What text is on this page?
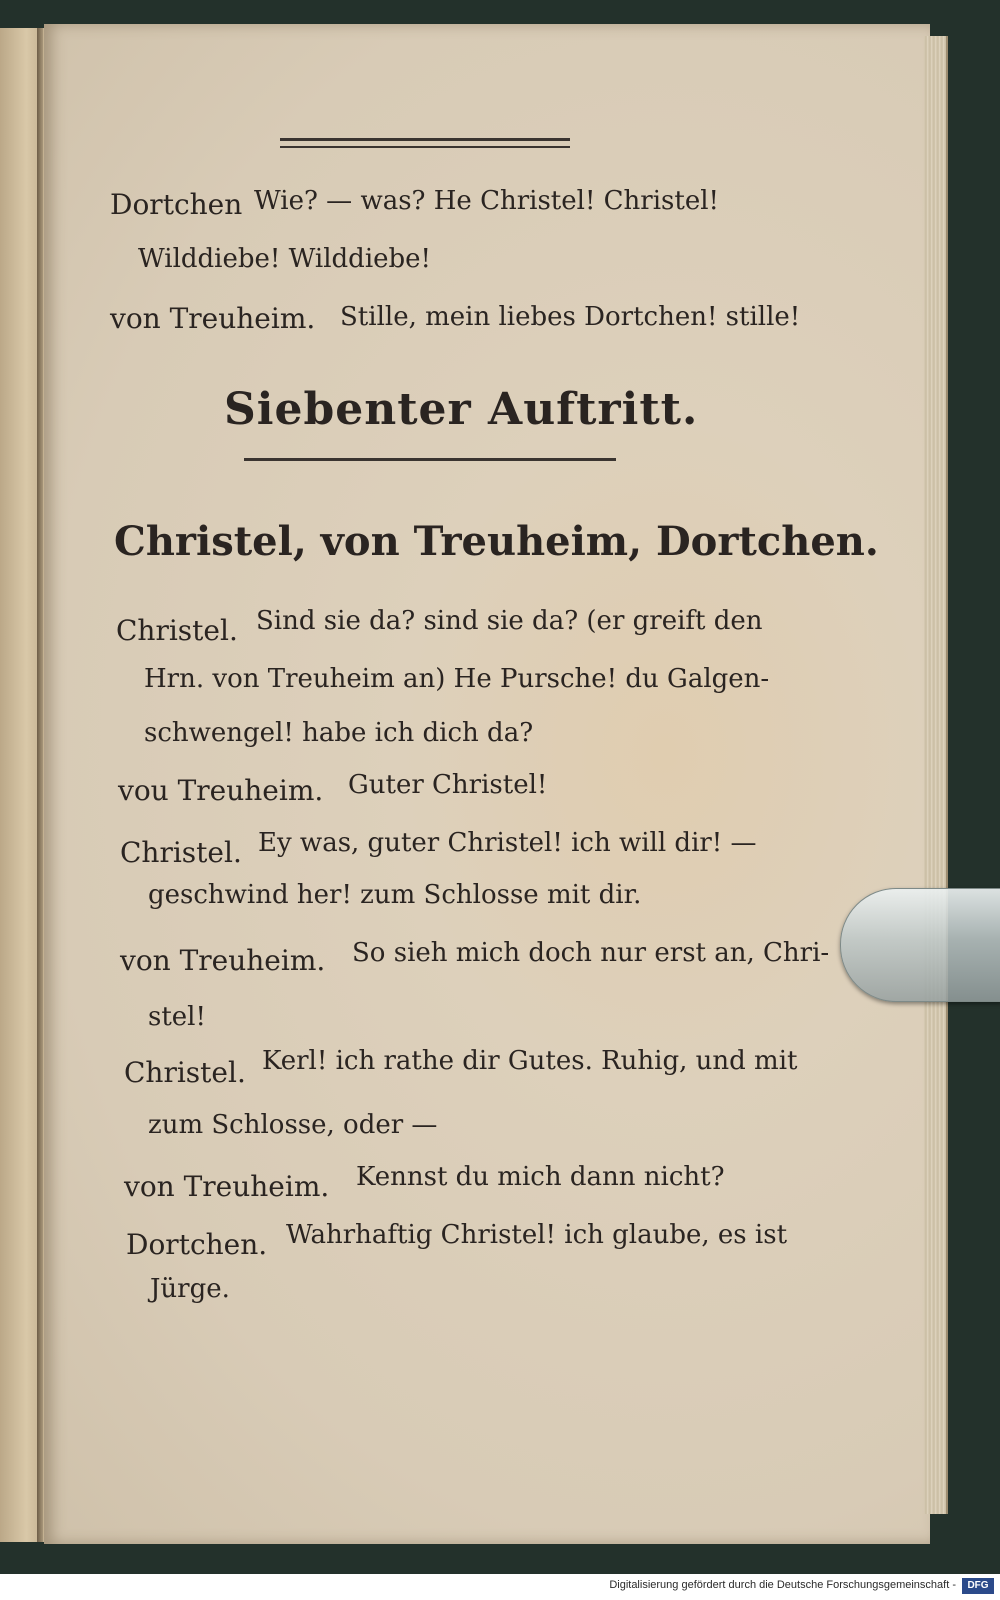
Dortchen Wie? — was? He Christel! Christel!
Wilddiebe! Wilddiebe!
von Treuheim. Stille, mein liebes Dortchen! stille!
Siebenter Auftritt.
Christel, von Treuheim, Dortchen.
Christel. Sind sie da? sind sie da? (er greift den
Hrn. von Treuheim an) He Pursche! du Galgen-
schwengel! habe ich dich da?
vou Treuheim. Guter Christel!
Christel. Ey was, guter Christel! ich will dir! —
geschwind her! zum Schlosse mit dir.
von Treuheim. So sieh mich doch nur erst an, Chri-
stel!
Christel. Kerl! ich rathe dir Gutes. Ruhig, und mit
zum Schlosse, oder —
von Treuheim. Kennst du mich dann nicht?
Dortchen. Wahrhaftig Christel! ich glaube, es ist
Jürge.
Digitalisierung gefördert durch die Deutsche Forschungsgemeinschaft -	DFG
